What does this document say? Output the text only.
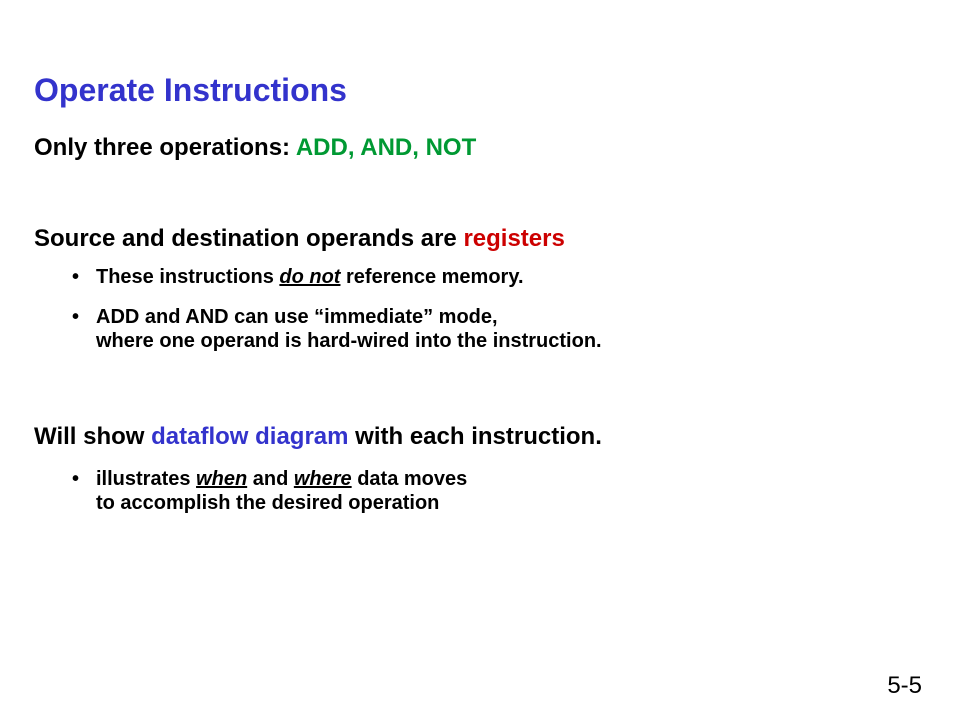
Operate Instructions

Only three operations: ADD, AND, NOT

Source and destination operands are registers

• These instructions do not reference memory.
• ADD and AND can use “immediate” mode,
where one operand is hard-wired into the instruction.

Will show dataflow diagram with each instruction.

• illustrates when and where data moves
to accomplish the desired operation

5-5
